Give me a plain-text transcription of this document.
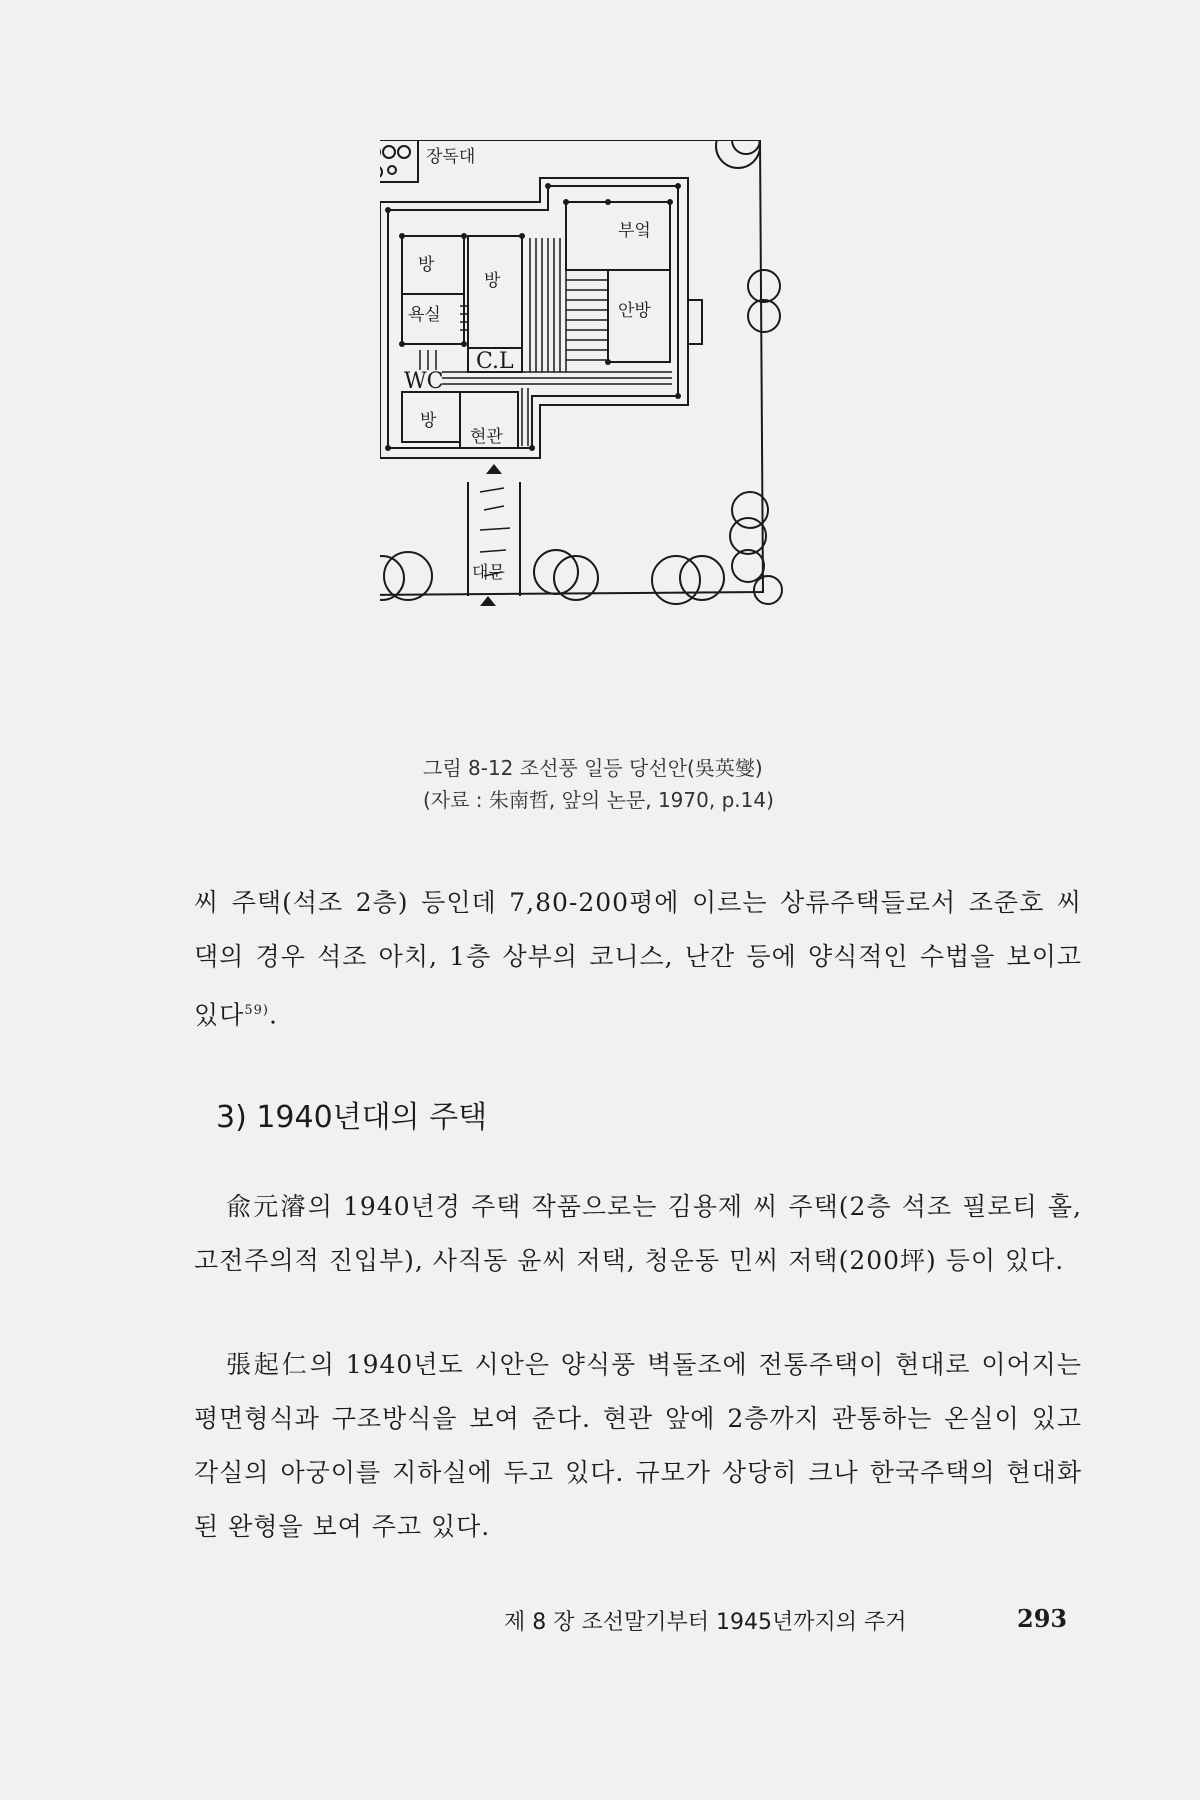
장독대
부엌
방
방
욕실	안방
C.L
WC
방
현관
대문
그림 8-12 조선풍 일등 당선안(吳英燮)
(자료 : 朱南哲, 앞의 논문, 1970, p.14)
씨 주택(석조 2층) 등인데 7,80-200평에 이르는 상류주택들로서 조준호 씨 댁의 경우 석조 아치, 1층 상부의 코니스, 난간 등에 양식적인 수법을 보이고 있다$^{59)}$.
3) 1940년대의 주택
兪元濬의 1940년경 주택 작품으로는 김용제 씨 주택(2층 석조 필로티 홀, 고전주의적 진입부), 사직동 윤씨 저택, 청운동 민씨 저택(200坪) 등이 있다.
張起仁의 1940년도 시안은 양식풍 벽돌조에 전통주택이 현대로 이어지는 평면형식과 구조방식을 보여 준다. 현관 앞에 2층까지 관통하는 온실이 있고 각실의 아궁이를 지하실에 두고 있다. 규모가 상당히 크나 한국주택의 현대화된 완형을 보여 주고 있다.
제 8 장 조선말기부터 1945년까지의 주거	293
